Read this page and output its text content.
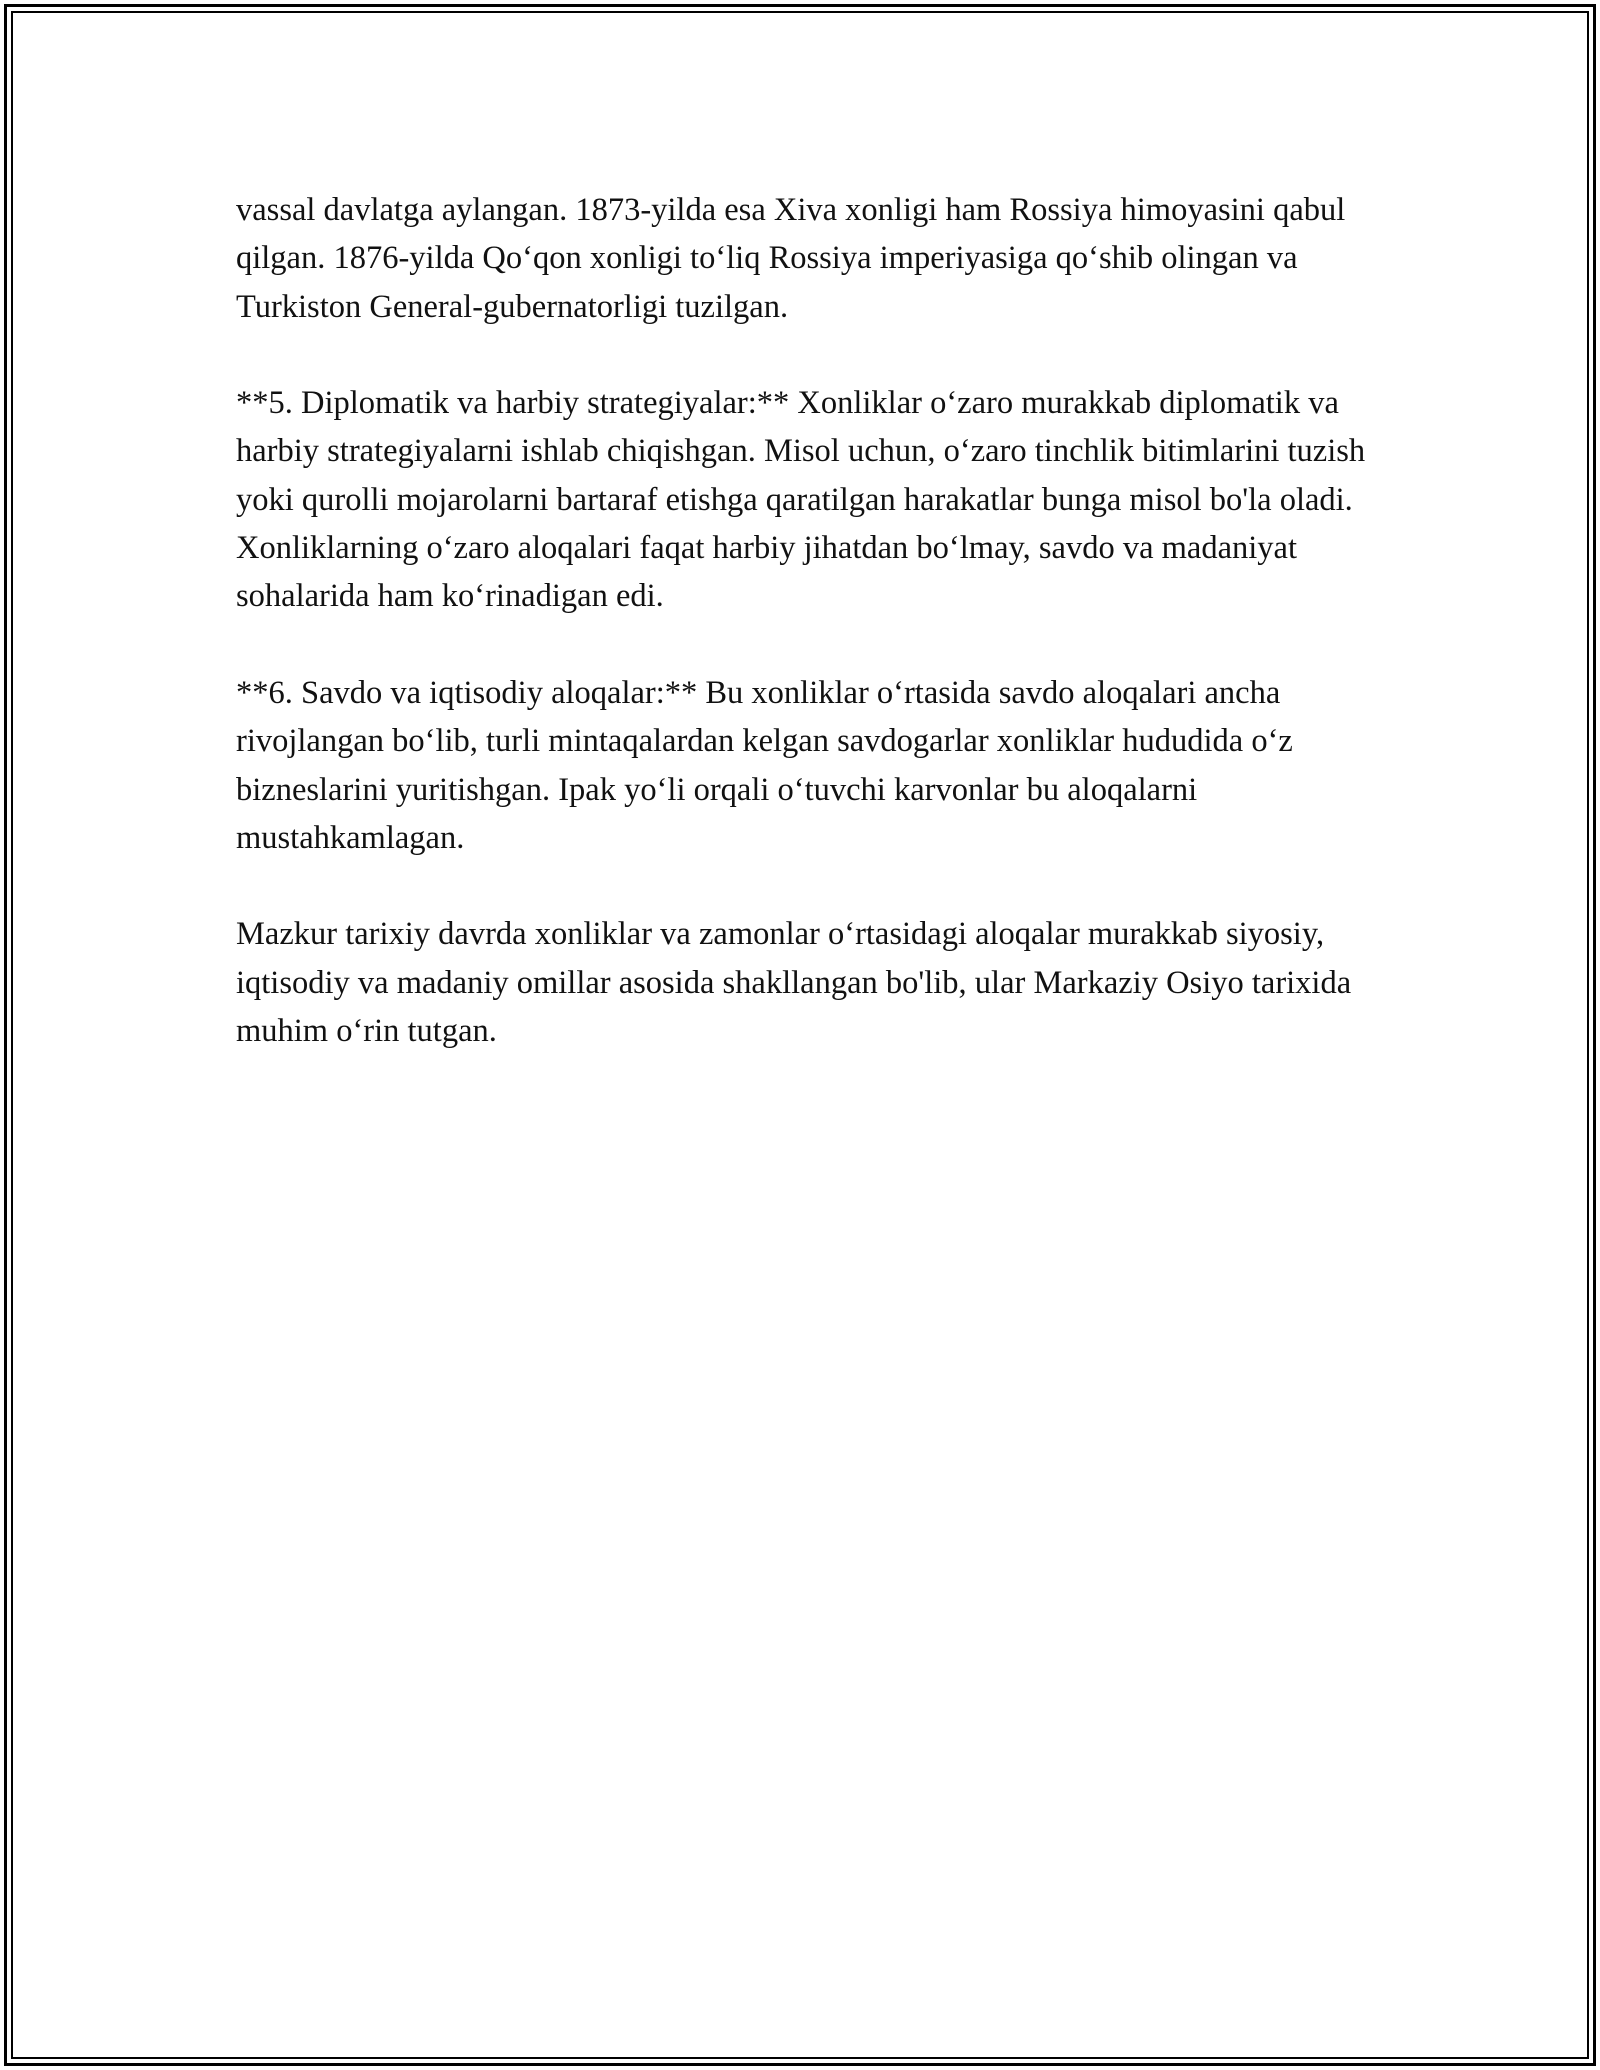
vassal davlatga aylangan. 1873-yilda esa Xiva xonligi ham Rossiya himoyasini qabul qilgan. 1876-yilda Qo‘qon xonligi to‘liq Rossiya imperiyasiga qo‘shib olingan va Turkiston General-gubernatorligi tuzilgan.

**5. Diplomatik va harbiy strategiyalar:** Xonliklar o‘zaro murakkab diplomatik va harbiy strategiyalarni ishlab chiqishgan. Misol uchun, o‘zaro tinchlik bitimlarini tuzish yoki qurolli mojarolarni bartaraf etishga qaratilgan harakatlar bunga misol bo'la oladi. Xonliklarning o‘zaro aloqalari faqat harbiy jihatdan bo‘lmay, savdo va madaniyat sohalarida ham ko‘rinadigan edi.

**6. Savdo va iqtisodiy aloqalar:** Bu xonliklar o‘rtasida savdo aloqalari ancha rivojlangan bo‘lib, turli mintaqalardan kelgan savdogarlar xonliklar hududida o‘z bizneslarini yuritishgan. Ipak yo‘li orqali o‘tuvchi karvonlar bu aloqalarni mustahkamlagan.

Mazkur tarixiy davrda xonliklar va zamonlar o‘rtasidagi aloqalar murakkab siyosiy, iqtisodiy va madaniy omillar asosida shakllangan bo'lib, ular Markaziy Osiyo tarixida muhim o‘rin tutgan.
